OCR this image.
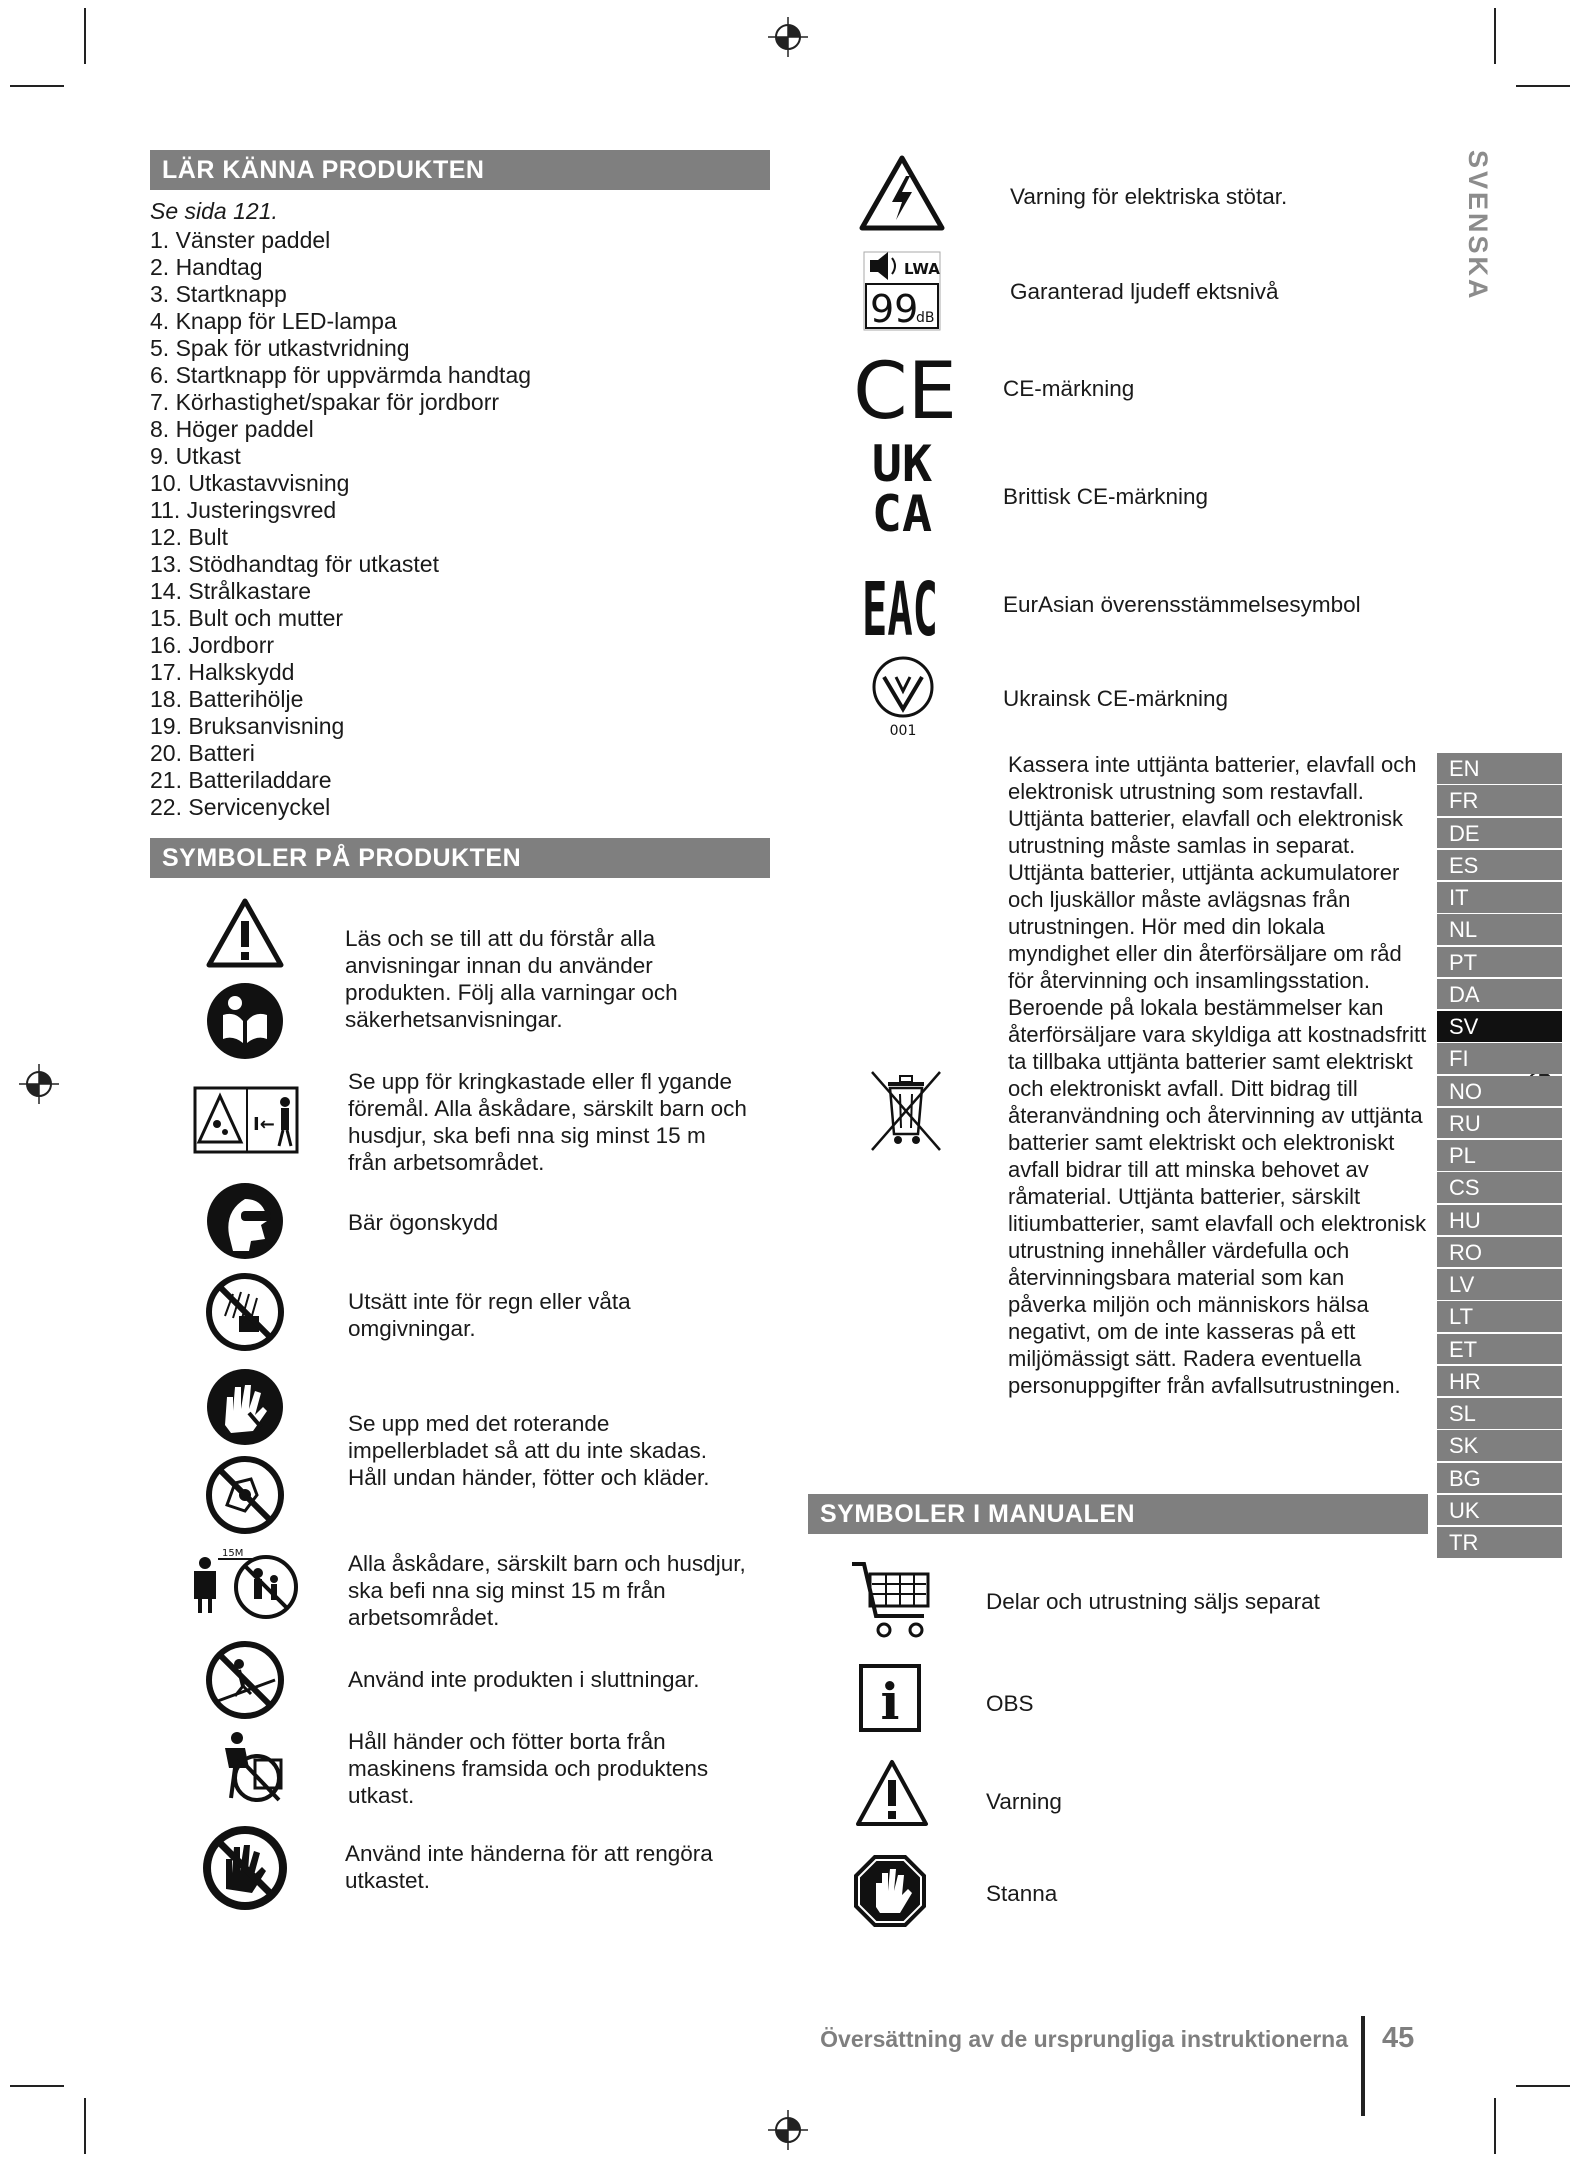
LÄR KÄNNA PRODUKTEN
Se sida 121.
1. Vänster paddel
2. Handtag
3. Startknapp
4. Knapp för LED-lampa
5. Spak för utkastvridning
6. Startknapp för uppvärmda handtag
7. Körhastighet/spakar för jordborr
8. Höger paddel
9. Utkast
10. Utkastavvisning
11. Justeringsvred
12. Bult
13. Stödhandtag för utkastet
14. Strålkastare
15. Bult och mutter
16. Jordborr
17. Halkskydd
18. Batterihölje
19. Bruksanvisning
20. Batteri
21. Batteriladdare
22. Servicenyckel
SYMBOLER PÅ PRODUKTEN
Läs och se till att du förstår alla anvisningar innan du använder produkten. Följ alla varningar och säkerhetsanvisningar.
I←
Se upp för kringkastade eller fl ygande föremål. Alla åskådare, särskilt barn och husdjur, ska befi nna sig minst 15 m från arbetsområdet.
Bär ögonskydd
Utsätt inte för regn eller våta omgivningar.
Se upp med det roterande impellerbladet så att du inte skadas. Håll undan händer, fötter och kläder.
15M	Alla åskådare, särskilt barn och husdjur, ska befi nna sig minst 15 m från arbetsområdet.
Använd inte produkten i sluttningar.
Håll händer och fötter borta från maskinens framsida och produktens utkast.
Använd inte händerna för att rengöra utkastet.
Varning för elektriska stötar.
LWA
99
dB
Garanterad ljudeff ektsnivå
CE CE-märkning
UK
CA	Brittisk CE-märkning
EAC	EurAsian överensstämmelsesymbol
001
Ukrainsk CE-märkning
Kassera inte uttjänta batterier, elavfall och elektronisk utrustning som restavfall. Uttjänta batterier, elavfall och elektronisk utrustning måste samlas in separat. Uttjänta batterier, uttjänta ackumulatorer och ljuskällor måste avlägsnas från utrustningen. Hör med din lokala myndighet eller din återförsäljare om råd för återvinning och insamlingsstation. Beroende på lokala bestämmelser kan återförsäljare vara skyldiga att kostnadsfritt ta tillbaka uttjänta batterier samt elektriskt och elektroniskt avfall. Ditt bidrag till återanvändning och återvinning av uttjänta batterier samt elektriskt och elektroniskt avfall bidrar till att minska behovet av råmaterial. Uttjänta batterier, särskilt litiumbatterier, samt elavfall och elektronisk utrustning innehåller värdefulla och återvinningsbara material som kan påverka miljön och människors hälsa negativt, om de inte kasseras på ett miljömässigt sätt. Radera eventuella personuppgifter från avfallsutrustningen.
SYMBOLER I MANUALEN
Delar och utrustning säljs separat
i	OBS
Varning
Stanna
SVENSKA
EN
FR
DE
ES
IT
NL
PT
DA
SV
FI
NO
RU
PL
CS
HU
RO
LV
LT
ET
HR
SL
SK
BG
UK
TR
Översättning av de ursprungliga instruktionerna 45
